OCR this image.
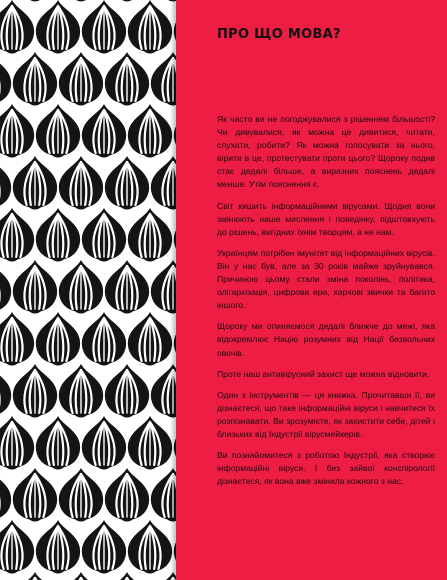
ПРО ЩО МОВА?

Як часто ви не погоджувалися з рішенням більшості? Чи дивувалися, як можна це дивитися, читати, слухати, робити? Як можна голосувати за нього, вірити в це, протестувати проти цього? Щороку подив стає дедалі більше, а виразних пояснень дедалі менше. Утім пояснення є.

Світ кишить інформаційними вірусами. Щодня вони змінюють наше мислення і поведінку, підштовхують до рішень, вигідних їхнім творцям, а не нам.

Українцям потрібен імунітет від інформаційних вірусів. Він у нас був, але за 30 років майже зруйнувався. Причиною цьому стали зміна поколінь, політика, олігархізація, цифрова ера, харчові звички та багато іншого.

Щороку ми опиняємося дедалі ближче до межі, яка відокремлює Націю розумних від Нації безвольних овочів.

Проте наш антивірусний захист ще можна відновити.

Один з інструментів — ця книжка. Прочитавши її, ви дізнаєтеся, що таке інформаційні віруси і навчитеся їх розпізнавати. Ви зрозумієте, як захистити себе, дітей і близьких від Індустрії вірусмейкерів.

Ви познайомитеся з роботою Індустрії, яка створює інформаційні віруси. І без зайвої конспірології дізнаєтеся, як вона вже змінила кожного з нас.
